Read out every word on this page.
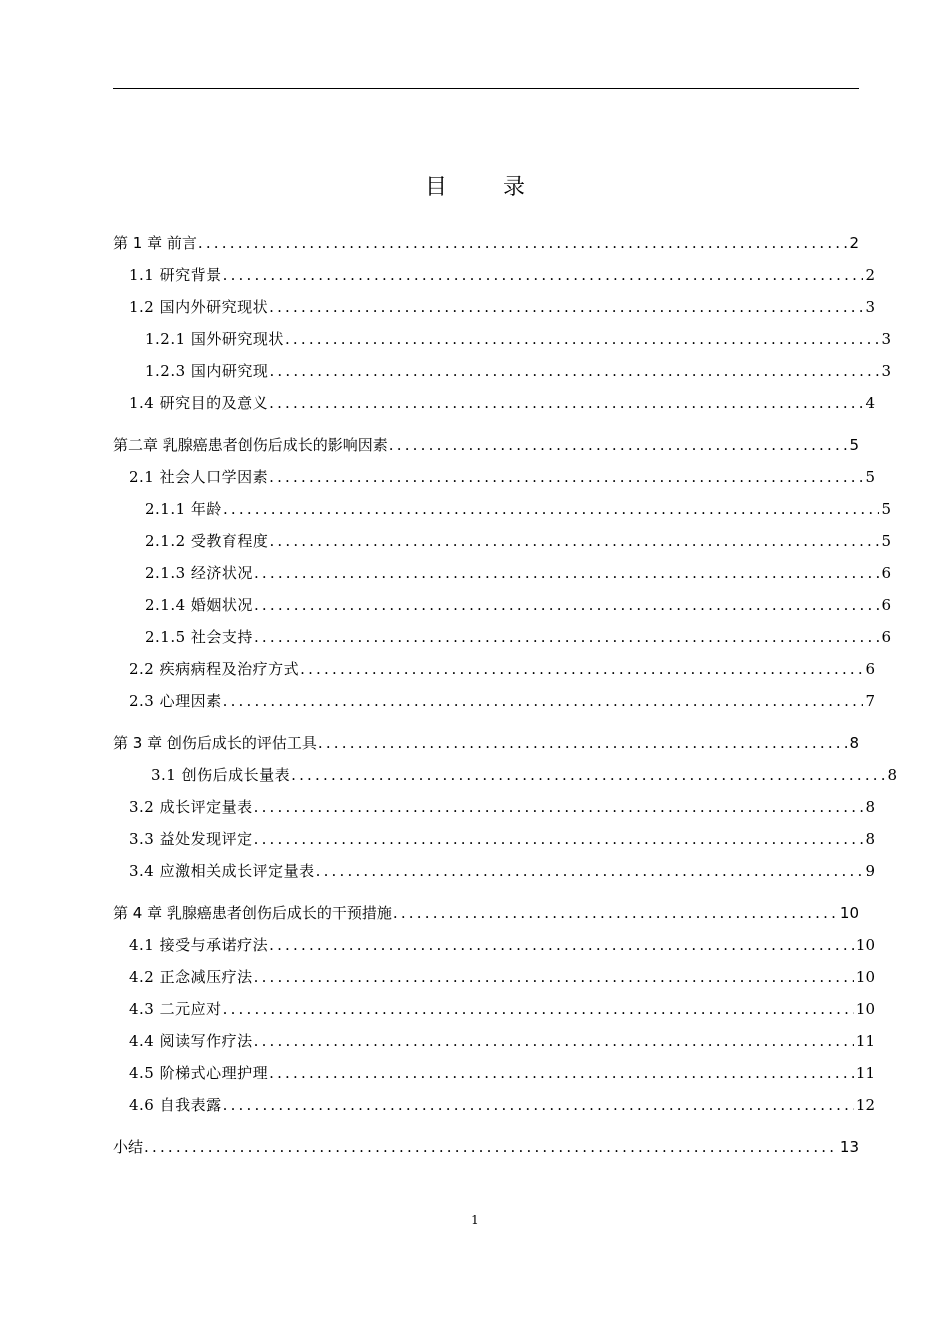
目	录
第 1 章 前言 .....	2
1.1 研究背景 .....	2
1.2 国内外研究现状 .....	3
1.2.1 国外研究现状 .....	3
1.2.3 国内研究现 .....	3
1.4 研究目的及意义 .....	4
第二章 乳腺癌患者创伤后成长的影响因素 .....	5
2.1 社会人口学因素 .....	5
2.1.1 年龄 .....	5
2.1.2 受教育程度 .....	5
2.1.3 经济状况 .....	6
2.1.4 婚姻状况 .....	6
2.1.5 社会支持 .....	6
2.2 疾病病程及治疗方式 .....	6
2.3 心理因素 .....	7
第 3 章 创伤后成长的评估工具 .....	8
3.1 创伤后成长量表 .....	8
3.2 成长评定量表 .....	8
3.3 益处发现评定 .....	8
3.4 应激相关成长评定量表 .....	9
第 4 章 乳腺癌患者创伤后成长的干预措施 .....	10
4.1 接受与承诺疗法 .....	10
4.2 正念减压疗法 .....	10
4.3 二元应对 .....	10
4.4 阅读写作疗法 .....	11
4.5 阶梯式心理护理 .....	11
4.6 自我表露 .....	12
小结 .....	13
1
